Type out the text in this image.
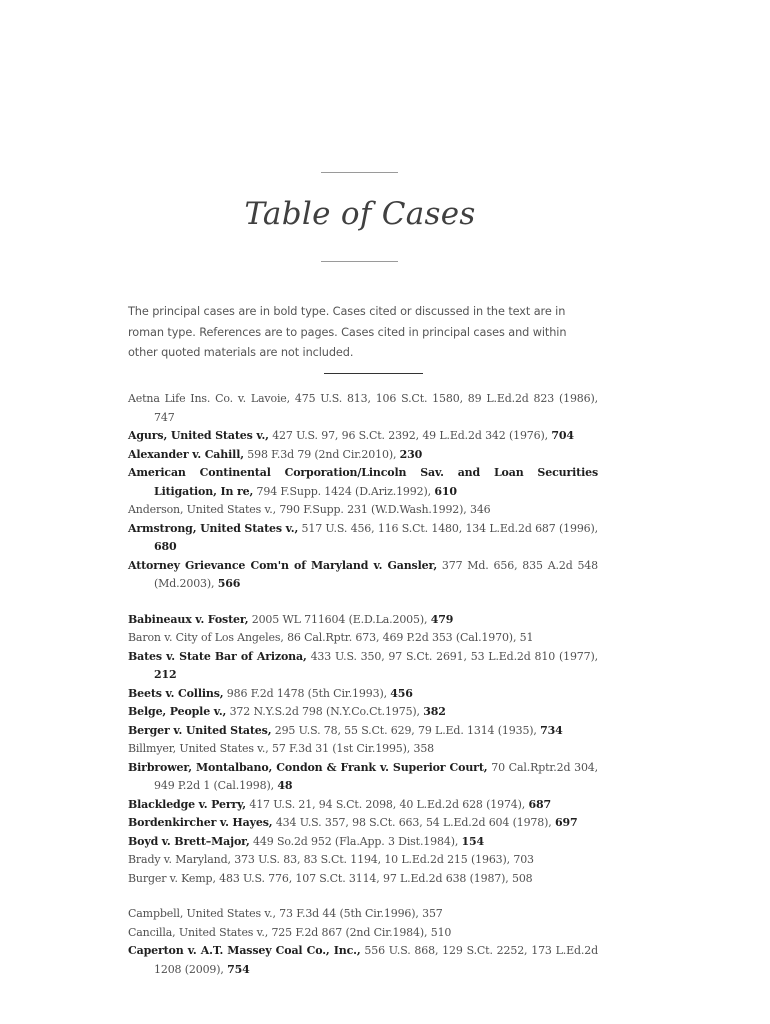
Table of Cases

The principal cases are in bold type. Cases cited or discussed in the text are in roman type. References are to pages. Cases cited in principal cases and within other quoted materials are not included.

Aetna Life Ins. Co. v. Lavoie, 475 U.S. 813, 106 S.Ct. 1580, 89 L.Ed.2d 823 (1986), 747
Agurs, United States v., 427 U.S. 97, 96 S.Ct. 2392, 49 L.Ed.2d 342 (1976), 704
Alexander v. Cahill, 598 F.3d 79 (2nd Cir.2010), 230
American Continental Corporation/Lincoln Sav. and Loan Securities Litigation, In re, 794 F.Supp. 1424 (D.Ariz.1992), 610
Anderson, United States v., 790 F.Supp. 231 (W.D.Wash.1992), 346
Armstrong, United States v., 517 U.S. 456, 116 S.Ct. 1480, 134 L.Ed.2d 687 (1996), 680
Attorney Grievance Com'n of Maryland v. Gansler, 377 Md. 656, 835 A.2d 548 (Md.2003), 566
Babineaux v. Foster, 2005 WL 711604 (E.D.La.2005), 479
Baron v. City of Los Angeles, 86 Cal.Rptr. 673, 469 P.2d 353 (Cal.1970), 51
Bates v. State Bar of Arizona, 433 U.S. 350, 97 S.Ct. 2691, 53 L.Ed.2d 810 (1977), 212
Beets v. Collins, 986 F.2d 1478 (5th Cir.1993), 456
Belge, People v., 372 N.Y.S.2d 798 (N.Y.Co.Ct.1975), 382
Berger v. United States, 295 U.S. 78, 55 S.Ct. 629, 79 L.Ed. 1314 (1935), 734
Billmyer, United States v., 57 F.3d 31 (1st Cir.1995), 358
Birbrower, Montalbano, Condon & Frank v. Superior Court, 70 Cal.Rptr.2d 304, 949 P.2d 1 (Cal.1998), 48
Blackledge v. Perry, 417 U.S. 21, 94 S.Ct. 2098, 40 L.Ed.2d 628 (1974), 687
Bordenkircher v. Hayes, 434 U.S. 357, 98 S.Ct. 663, 54 L.Ed.2d 604 (1978), 697
Boyd v. Brett–Major, 449 So.2d 952 (Fla.App. 3 Dist.1984), 154
Brady v. Maryland, 373 U.S. 83, 83 S.Ct. 1194, 10 L.Ed.2d 215 (1963), 703
Burger v. Kemp, 483 U.S. 776, 107 S.Ct. 3114, 97 L.Ed.2d 638 (1987), 508
Campbell, United States v., 73 F.3d 44 (5th Cir.1996), 357
Cancilla, United States v., 725 F.2d 867 (2nd Cir.1984), 510
Caperton v. A.T. Massey Coal Co., Inc., 556 U.S. 868, 129 S.Ct. 2252, 173 L.Ed.2d 1208 (2009), 754
